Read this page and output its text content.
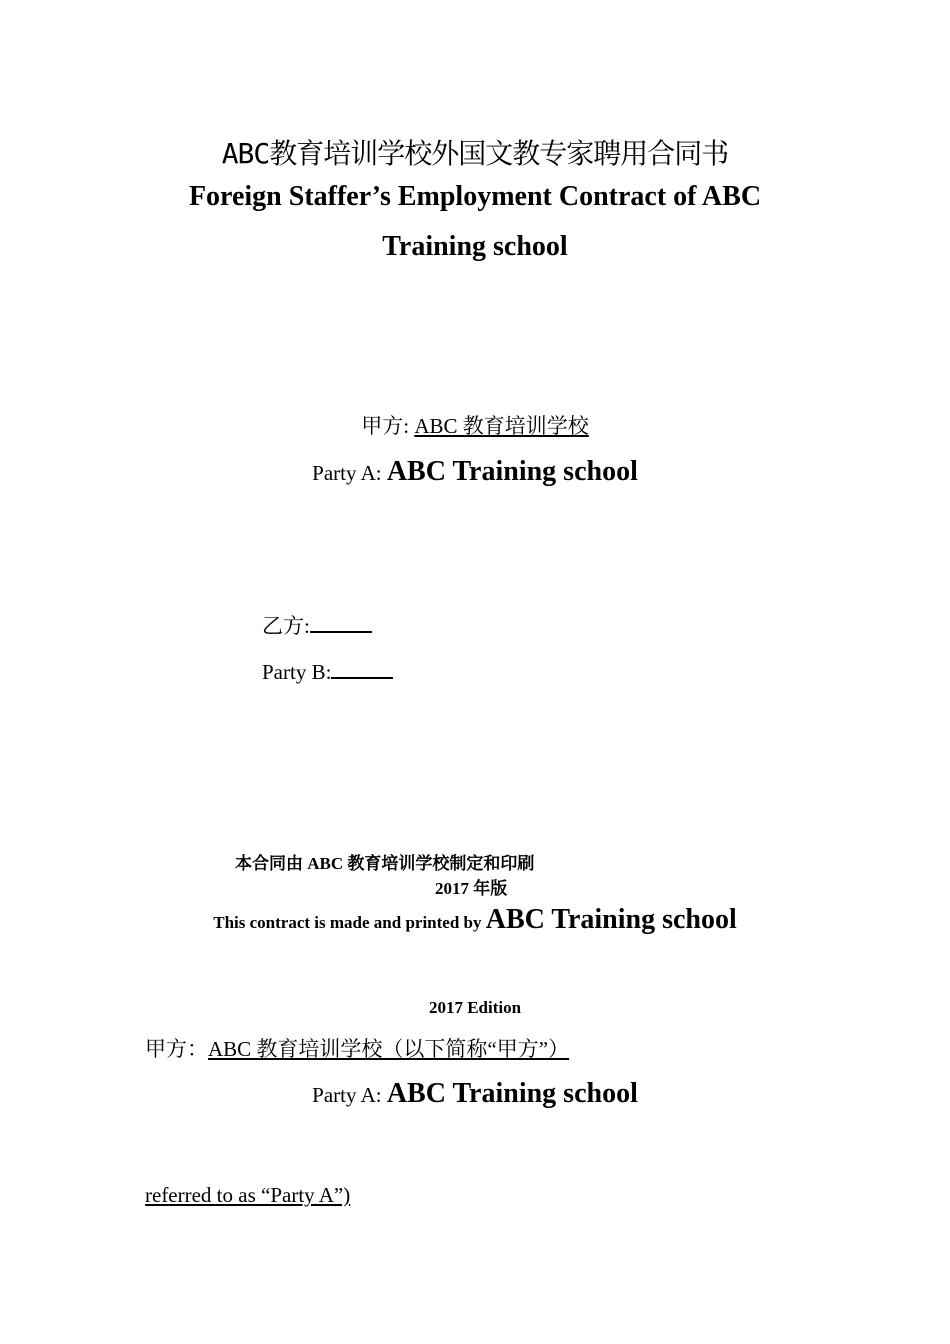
ABC教育培训学校外国文教专家聘用合同书
Foreign Staffer’s Employment Contract of ABC
Training school
甲方: ABC 教育培训学校
Party A: ABC Training school
乙方:
Party B:
本合同由 ABC 教育培训学校制定和印刷
2017 年版
This contract is made and printed by ABC Training school
2017 Edition
甲方：ABC 教育培训学校（以下简称“甲方”）
Party A: ABC Training school
referred to as “Party A”)
